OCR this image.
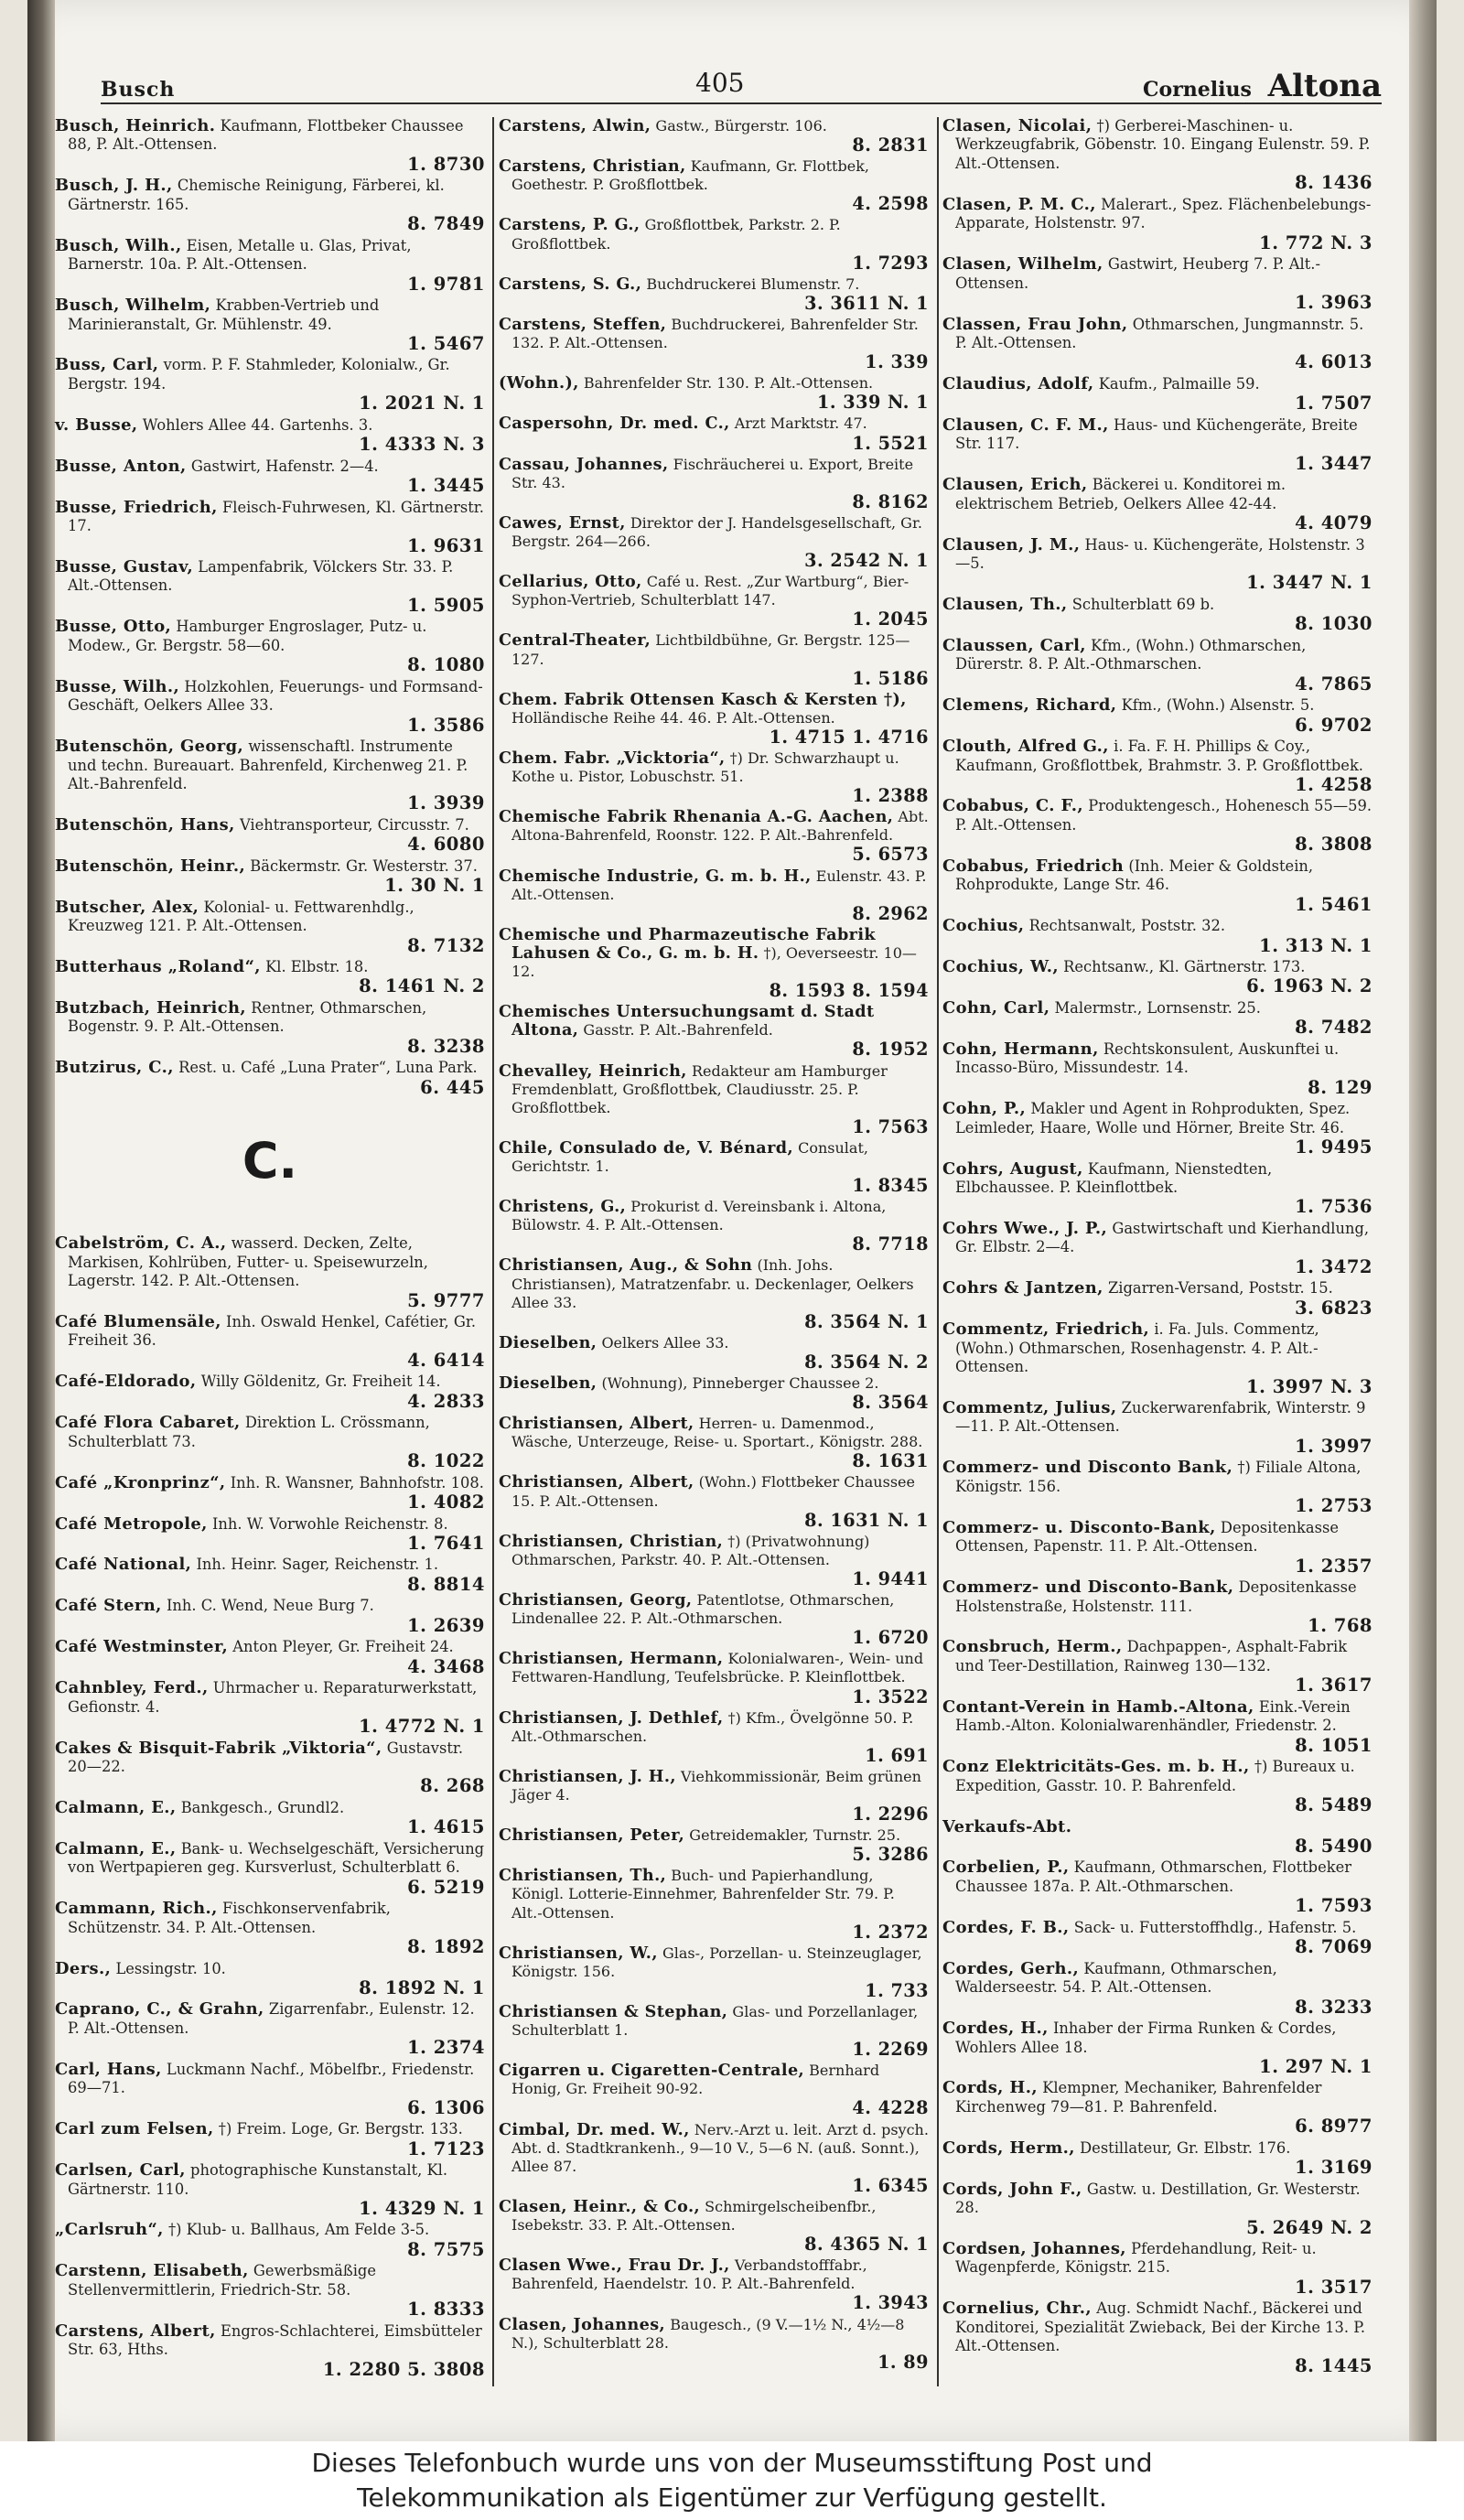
Busch	405	Cornelius Altona
Busch, Heinrich. Kaufmann, Flottbeker Chaussee 88, P. Alt.-Ottensen.
1. 8730
Busch, J. H., Chemische Reinigung, Färberei, kl. Gärtnerstr. 165.
8. 7849
Busch, Wilh., Eisen, Metalle u. Glas, Privat, Barnerstr. 10a. P. Alt.-Ottensen.
1. 9781
Busch, Wilhelm, Krabben-Vertrieb und Marinieranstalt, Gr. Mühlenstr. 49.
1. 5467
Buss, Carl, vorm. P. F. Stahmleder, Kolonialw., Gr. Bergstr. 194.
1. 2021 N. 1
v. Busse, Wohlers Allee 44. Gartenhs. 3.
1. 4333 N. 3
Busse, Anton, Gastwirt, Hafenstr. 2—4.
1. 3445
Busse, Friedrich, Fleisch-Fuhrwesen, Kl. Gärtnerstr. 17.
1. 9631
Busse, Gustav, Lampenfabrik, Völckers Str. 33. P. Alt.-Ottensen.
1. 5905
Busse, Otto, Hamburger Engroslager, Putz- u. Modew., Gr. Bergstr. 58—60.
8. 1080
Busse, Wilh., Holzkohlen, Feuerungs- und Formsand-Geschäft, Oelkers Allee 33.
1. 3586
Butenschön, Georg, wissenschaftl. Instrumente und techn. Bureauart. Bahrenfeld, Kirchenweg 21. P. Alt.-Bahrenfeld.
1. 3939
Butenschön, Hans, Viehtransporteur, Circusstr. 7.
4. 6080
Butenschön, Heinr., Bäckermstr. Gr. Westerstr. 37.
1. 30 N. 1
Butscher, Alex, Kolonial- u. Fettwarenhdlg., Kreuzweg 121. P. Alt.-Ottensen.
8. 7132
Butterhaus „Roland“, Kl. Elbstr. 18.
8. 1461 N. 2
Butzbach, Heinrich, Rentner, Othmarschen, Bogenstr. 9. P. Alt.-Ottensen.
8. 3238
Butzirus, C., Rest. u. Café „Luna Prater“, Luna Park.
6. 445
C.
Cabelström, C. A., wasserd. Decken, Zelte, Markisen, Kohlrüben, Futter- u. Speisewurzeln, Lagerstr. 142. P. Alt.-Ottensen.
5. 9777
Café Blumensäle, Inh. Oswald Henkel, Cafétier, Gr. Freiheit 36.
4. 6414
Café-Eldorado, Willy Göldenitz, Gr. Freiheit 14.
4. 2833
Café Flora Cabaret, Direktion L. Crössmann, Schulterblatt 73.
8. 1022
Café „Kronprinz“, Inh. R. Wansner, Bahnhofstr. 108.
1. 4082
Café Metropole, Inh. W. Vorwohle Reichenstr. 8.
1. 7641
Café National, Inh. Heinr. Sager, Reichenstr. 1.
8. 8814
Café Stern, Inh. C. Wend, Neue Burg 7.
1. 2639
Café Westminster, Anton Pleyer, Gr. Freiheit 24.
4. 3468
Cahnbley, Ferd., Uhrmacher u. Reparaturwerkstatt, Gefionstr. 4.
1. 4772 N. 1
Cakes & Bisquit-Fabrik „Viktoria“, Gustavstr. 20—22.
8. 268
Calmann, E., Bankgesch., Grundl2.
1. 4615
Calmann, E., Bank- u. Wechselgeschäft, Versicherung von Wertpapieren geg. Kursverlust, Schulterblatt 6.
6. 5219
Cammann, Rich., Fischkonservenfabrik, Schützenstr. 34. P. Alt.-Ottensen.
8. 1892
Ders., Lessingstr. 10.
8. 1892 N. 1
Caprano, C., & Grahn, Zigarrenfabr., Eulenstr. 12. P. Alt.-Ottensen.
1. 2374
Carl, Hans, Luckmann Nachf., Möbelfbr., Friedenstr. 69—71.
6. 1306
Carl zum Felsen, †) Freim. Loge, Gr. Bergstr. 133.
1. 7123
Carlsen, Carl, photographische Kunstanstalt, Kl. Gärtnerstr. 110.
1. 4329 N. 1
„Carlsruh“, †) Klub- u. Ballhaus, Am Felde 3-5.
8. 7575
Carstenn, Elisabeth, Gewerbsmäßige Stellenvermittlerin, Friedrich-Str. 58.
1. 8333
Carstens, Albert, Engros-Schlachterei, Eimsbütteler Str. 63, Hths.
1. 2280 5. 3808
Carstens, Alwin, Gastw., Bürgerstr. 106.
8. 2831
Carstens, Christian, Kaufmann, Gr. Flottbek, Goethestr. P. Großflottbek.
4. 2598
Carstens, P. G., Großflottbek, Parkstr. 2. P. Großflottbek.
1. 7293
Carstens, S. G., Buchdruckerei Blumenstr. 7.
3. 3611 N. 1
Carstens, Steffen, Buchdruckerei, Bahrenfelder Str. 132. P. Alt.-Ottensen.
1. 339
(Wohn.), Bahrenfelder Str. 130. P. Alt.-Ottensen.
1. 339 N. 1
Caspersohn, Dr. med. C., Arzt Marktstr. 47.
1. 5521
Cassau, Johannes, Fischräucherei u. Export, Breite Str. 43.
8. 8162
Cawes, Ernst, Direktor der J. Handelsgesellschaft, Gr. Bergstr. 264—266.
3. 2542 N. 1
Cellarius, Otto, Café u. Rest. „Zur Wartburg“, Bier-Syphon-Vertrieb, Schulterblatt 147.
1. 2045
Central-Theater, Lichtbildbühne, Gr. Bergstr. 125—127.
1. 5186
Chem. Fabrik Ottensen Kasch & Kersten †), Holländische Reihe 44. 46. P. Alt.-Ottensen.
1. 4715 1. 4716
Chem. Fabr. „Vicktoria“, †) Dr. Schwarzhaupt u. Kothe u. Pistor, Lobuschstr. 51.
1. 2388
Chemische Fabrik Rhenania A.-G. Aachen, Abt. Altona-Bahrenfeld, Roonstr. 122. P. Alt.-Bahrenfeld.
5. 6573
Chemische Industrie, G. m. b. H., Eulenstr. 43. P. Alt.-Ottensen.
8. 2962
Chemische und Pharmazeutische Fabrik Lahusen & Co., G. m. b. H. †), Oeverseestr. 10—12.
8. 1593 8. 1594
Chemisches Untersuchungsamt d. Stadt Altona, Gasstr. P. Alt.-Bahrenfeld.
8. 1952
Chevalley, Heinrich, Redakteur am Hamburger Fremdenblatt, Großflottbek, Claudiusstr. 25. P. Großflottbek.
1. 7563
Chile, Consulado de, V. Bénard, Consulat, Gerichtstr. 1.
1. 8345
Christens, G., Prokurist d. Vereinsbank i. Altona, Bülowstr. 4. P. Alt.-Ottensen.
8. 7718
Christiansen, Aug., & Sohn (Inh. Johs. Christiansen), Matratzenfabr. u. Deckenlager, Oelkers Allee 33.
8. 3564 N. 1
Dieselben, Oelkers Allee 33.
8. 3564 N. 2
Dieselben, (Wohnung), Pinneberger Chaussee 2.
8. 3564
Christiansen, Albert, Herren- u. Damenmod., Wäsche, Unterzeuge, Reise- u. Sportart., Königstr. 288.
8. 1631
Christiansen, Albert, (Wohn.) Flottbeker Chaussee 15. P. Alt.-Ottensen.
8. 1631 N. 1
Christiansen, Christian, †) (Privatwohnung) Othmarschen, Parkstr. 40. P. Alt.-Ottensen.
1. 9441
Christiansen, Georg, Patentlotse, Othmarschen, Lindenallee 22. P. Alt.-Othmarschen.
1. 6720
Christiansen, Hermann, Kolonialwaren-, Wein- und Fettwaren-Handlung, Teufelsbrücke. P. Kleinflottbek.
1. 3522
Christiansen, J. Dethlef, †) Kfm., Övelgönne 50. P. Alt.-Othmarschen.
1. 691
Christiansen, J. H., Viehkommissionär, Beim grünen Jäger 4.
1. 2296
Christiansen, Peter, Getreidemakler, Turnstr. 25.
5. 3286
Christiansen, Th., Buch- und Papierhandlung, Königl. Lotterie-Einnehmer, Bahrenfelder Str. 79. P. Alt.-Ottensen.
1. 2372
Christiansen, W., Glas-, Porzellan- u. Steinzeuglager, Königstr. 156.
1. 733
Christiansen & Stephan, Glas- und Porzellanlager, Schulterblatt 1.
1. 2269
Cigarren u. Cigaretten-Centrale, Bernhard Honig, Gr. Freiheit 90-92.
4. 4228
Cimbal, Dr. med. W., Nerv.-Arzt u. leit. Arzt d. psych. Abt. d. Stadtkrankenh., 9—10 V., 5—6 N. (auß. Sonnt.), Allee 87.
1. 6345
Clasen, Heinr., & Co., Schmirgelscheibenfbr., Isebekstr. 33. P. Alt.-Ottensen.
8. 4365 N. 1
Clasen Wwe., Frau Dr. J., Verbandstofffabr., Bahrenfeld, Haendelstr. 10. P. Alt.-Bahrenfeld.
1. 3943
Clasen, Johannes, Baugesch., (9 V.—1½ N., 4½—8 N.), Schulterblatt 28.
1. 89
Clasen, Nicolai, †) Gerberei-Maschinen- u. Werkzeugfabrik, Göbenstr. 10. Eingang Eulenstr. 59. P. Alt.-Ottensen.
8. 1436
Clasen, P. M. C., Malerart., Spez. Flächenbelebungs-Apparate, Holstenstr. 97.
1. 772 N. 3
Clasen, Wilhelm, Gastwirt, Heuberg 7. P. Alt.-Ottensen.
1. 3963
Classen, Frau John, Othmarschen, Jungmannstr. 5. P. Alt.-Ottensen.
4. 6013
Claudius, Adolf, Kaufm., Palmaille 59.
1. 7507
Clausen, C. F. M., Haus- und Küchengeräte, Breite Str. 117.
1. 3447
Clausen, Erich, Bäckerei u. Konditorei m. elektrischem Betrieb, Oelkers Allee 42-44.
4. 4079
Clausen, J. M., Haus- u. Küchengeräte, Holstenstr. 3—5.
1. 3447 N. 1
Clausen, Th., Schulterblatt 69 b.
8. 1030
Claussen, Carl, Kfm., (Wohn.) Othmarschen, Dürerstr. 8. P. Alt.-Othmarschen.
4. 7865
Clemens, Richard, Kfm., (Wohn.) Alsenstr. 5.
6. 9702
Clouth, Alfred G., i. Fa. F. H. Phillips & Coy., Kaufmann, Großflottbek, Brahmstr. 3. P. Großflottbek.
1. 4258
Cobabus, C. F., Produktengesch., Hohenesch 55—59. P. Alt.-Ottensen.
8. 3808
Cobabus, Friedrich (Inh. Meier & Goldstein, Rohprodukte, Lange Str. 46.
1. 5461
Cochius, Rechtsanwalt, Poststr. 32.
1. 313 N. 1
Cochius, W., Rechtsanw., Kl. Gärtnerstr. 173.
6. 1963 N. 2
Cohn, Carl, Malermstr., Lornsenstr. 25.
8. 7482
Cohn, Hermann, Rechtskonsulent, Auskunftei u. Incasso-Büro, Missundestr. 14.
8. 129
Cohn, P., Makler und Agent in Rohprodukten, Spez. Leimleder, Haare, Wolle und Hörner, Breite Str. 46.
1. 9495
Cohrs, August, Kaufmann, Nienstedten, Elbchaussee. P. Kleinflottbek.
1. 7536
Cohrs Wwe., J. P., Gastwirtschaft und Kierhandlung, Gr. Elbstr. 2—4.
1. 3472
Cohrs & Jantzen, Zigarren-Versand, Poststr. 15.
3. 6823
Commentz, Friedrich, i. Fa. Juls. Commentz, (Wohn.) Othmarschen, Rosenhagenstr. 4. P. Alt.-Ottensen.
1. 3997 N. 3
Commentz, Julius, Zuckerwarenfabrik, Winterstr. 9—11. P. Alt.-Ottensen.
1. 3997
Commerz- und Disconto Bank, †) Filiale Altona, Königstr. 156.
1. 2753
Commerz- u. Disconto-Bank, Depositenkasse Ottensen, Papenstr. 11. P. Alt.-Ottensen.
1. 2357
Commerz- und Disconto-Bank, Depositenkasse Holstenstraße, Holstenstr. 111.
1. 768
Consbruch, Herm., Dachpappen-, Asphalt-Fabrik und Teer-Destillation, Rainweg 130—132.
1. 3617
Contant-Verein in Hamb.-Altona, Eink.-Verein Hamb.-Alton. Kolonialwarenhändler, Friedenstr. 2.
8. 1051
Conz Elektricitäts-Ges. m. b. H., †) Bureaux u. Expedition, Gasstr. 10. P. Bahrenfeld.
8. 5489
Verkaufs-Abt.
8. 5490
Corbelien, P., Kaufmann, Othmarschen, Flottbeker Chaussee 187a. P. Alt.-Othmarschen.
1. 7593
Cordes, F. B., Sack- u. Futterstoffhdlg., Hafenstr. 5.
8. 7069
Cordes, Gerh., Kaufmann, Othmarschen, Walderseestr. 54. P. Alt.-Ottensen.
8. 3233
Cordes, H., Inhaber der Firma Runken & Cordes, Wohlers Allee 18.
1. 297 N. 1
Cords, H., Klempner, Mechaniker, Bahrenfelder Kirchenweg 79—81. P. Bahrenfeld.
6. 8977
Cords, Herm., Destillateur, Gr. Elbstr. 176.
1. 3169
Cords, John F., Gastw. u. Destillation, Gr. Westerstr. 28.
5. 2649 N. 2
Cordsen, Johannes, Pferdehandlung, Reit- u. Wagenpferde, Königstr. 215.
1. 3517
Cornelius, Chr., Aug. Schmidt Nachf., Bäckerei und Konditorei, Spezialität Zwieback, Bei der Kirche 13. P. Alt.-Ottensen.
8. 1445
Dieses Telefonbuch wurde uns von der Museumsstiftung Post und
Telekommunikation als Eigentümer zur Verfügung gestellt.
